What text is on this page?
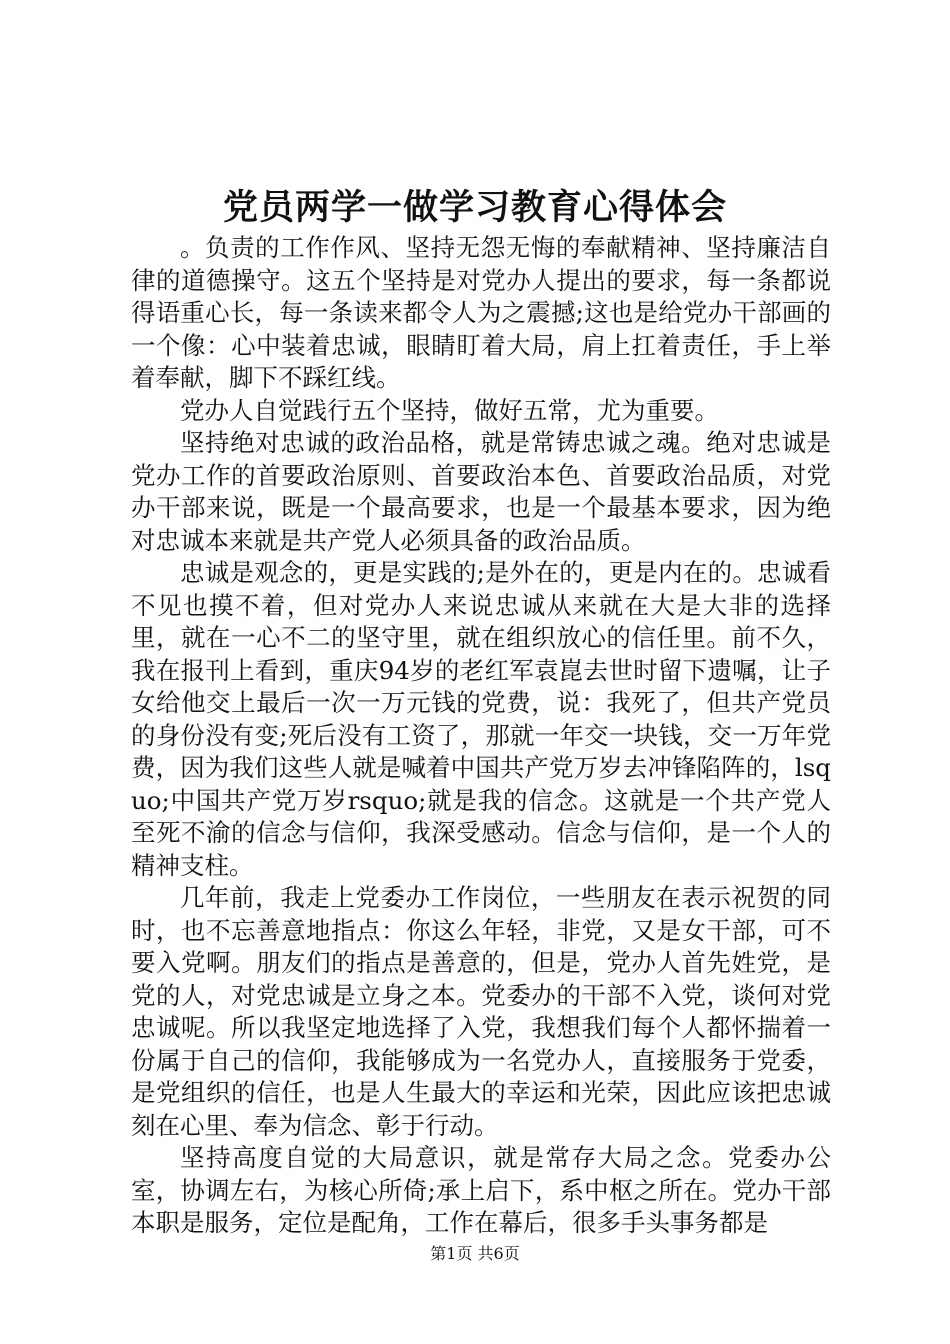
党员两学一做学习教育心得体会

。负责的工作作风、坚持无怨无悔的奉献精神、坚持廉洁自律的道德操守。这五个坚持是对党办人提出的要求，每一条都说得语重心长，每一条读来都令人为之震撼;这也是给党办干部画的一个像：心中装着忠诚，眼睛盯着大局，肩上扛着责任，手上举着奉献，脚下不踩红线。

党办人自觉践行五个坚持，做好五常，尤为重要。

坚持绝对忠诚的政治品格，就是常铸忠诚之魂。绝对忠诚是党办工作的首要政治原则、首要政治本色、首要政治品质，对党办干部来说，既是一个最高要求，也是一个最基本要求，因为绝对忠诚本来就是共产党人必须具备的政治品质。

忠诚是观念的，更是实践的;是外在的，更是内在的。忠诚看不见也摸不着，但对党办人来说忠诚从来就在大是大非的选择里，就在一心不二的坚守里，就在组织放心的信任里。前不久，我在报刊上看到，重庆94岁的老红军袁崑去世时留下遗嘱，让子女给他交上最后一次一万元钱的党费，说：我死了，但共产党员的身份没有变;死后没有工资了，那就一年交一块钱，交一万年党费，因为我们这些人就是喊着中国共产党万岁去冲锋陷阵的，lsquo;中国共产党万岁rsquo;就是我的信念。这就是一个共产党人至死不渝的信念与信仰，我深受感动。信念与信仰，是一个人的精神支柱。

几年前，我走上党委办工作岗位，一些朋友在表示祝贺的同时，也不忘善意地指点：你这么年轻，非党，又是女干部，可不要入党啊。朋友们的指点是善意的，但是，党办人首先姓党，是党的人，对党忠诚是立身之本。党委办的干部不入党，谈何对党忠诚呢。所以我坚定地选择了入党，我想我们每个人都怀揣着一份属于自己的信仰，我能够成为一名党办人，直接服务于党委，是党组织的信任，也是人生最大的幸运和光荣，因此应该把忠诚刻在心里、奉为信念、彰于行动。

坚持高度自觉的大局意识，就是常存大局之念。党委办公室，协调左右，为核心所倚;承上启下，系中枢之所在。党办干部本职是服务，定位是配角，工作在幕后，很多手头事务都是

第1页 共6页
